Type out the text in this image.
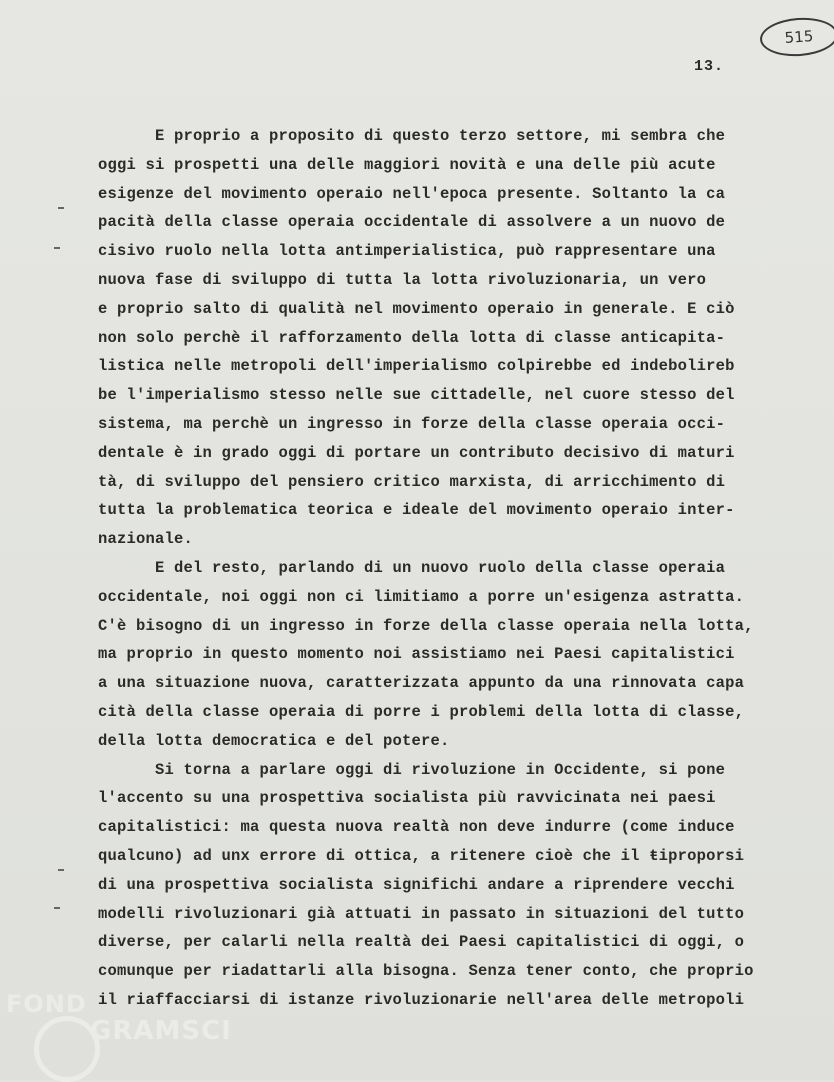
515
13.
E proprio a proposito di questo terzo settore, mi sembra che
oggi si prospetti una delle maggiori novità e una delle più acute
esigenze del movimento operaio nell'epoca presente. Soltanto la ca
pacità della classe operaia occidentale di assolvere a un nuovo de
cisivo ruolo nella lotta antimperialistica, può rappresentare una
nuova fase di sviluppo di tutta la lotta rivoluzionaria, un vero
e proprio salto di qualità nel movimento operaio in generale. E ciò
non solo perchè il rafforzamento della lotta di classe anticapita-
listica nelle metropoli dell'imperialismo colpirebbe ed indebolireb
be l'imperialismo stesso nelle sue cittadelle, nel cuore stesso del
sistema, ma perchè un ingresso in forze della classe operaia occi-
dentale è in grado oggi di portare un contributo decisivo di maturi
tà, di sviluppo del pensiero critico marxista, di arricchimento di
tutta la problematica teorica e ideale del movimento operaio inter-
nazionale.
E del resto, parlando di un nuovo ruolo della classe operaia
occidentale, noi oggi non ci limitiamo a porre un'esigenza astratta.
C'è bisogno di un ingresso in forze della classe operaia nella lotta,
ma proprio in questo momento noi assistiamo nei Paesi capitalistici
a una situazione nuova, caratterizzata appunto da una rinnovata capa
cità della classe operaia di porre i problemi della lotta di classe,
della lotta democratica e del potere.
Si torna a parlare oggi di rivoluzione in Occidente, si pone
l'accento su una prospettiva socialista più ravvicinata nei paesi
capitalistici: ma questa nuova realtà non deve indurre (come induce
qualcuno) ad unx errore di ottica, a ritenere cioè che il ŧiproporsi
di una prospettiva socialista significhi andare a riprendere vecchi
modelli rivoluzionari già attuati in passato in situazioni del tutto
diverse, per calarli nella realtà dei Paesi capitalistici di oggi, o
comunque per riadattarli alla bisogna. Senza tener conto, che proprio
il riaffacciarsi di istanze rivoluzionarie nell'area delle metropoli
FOND
GRAMSCI
